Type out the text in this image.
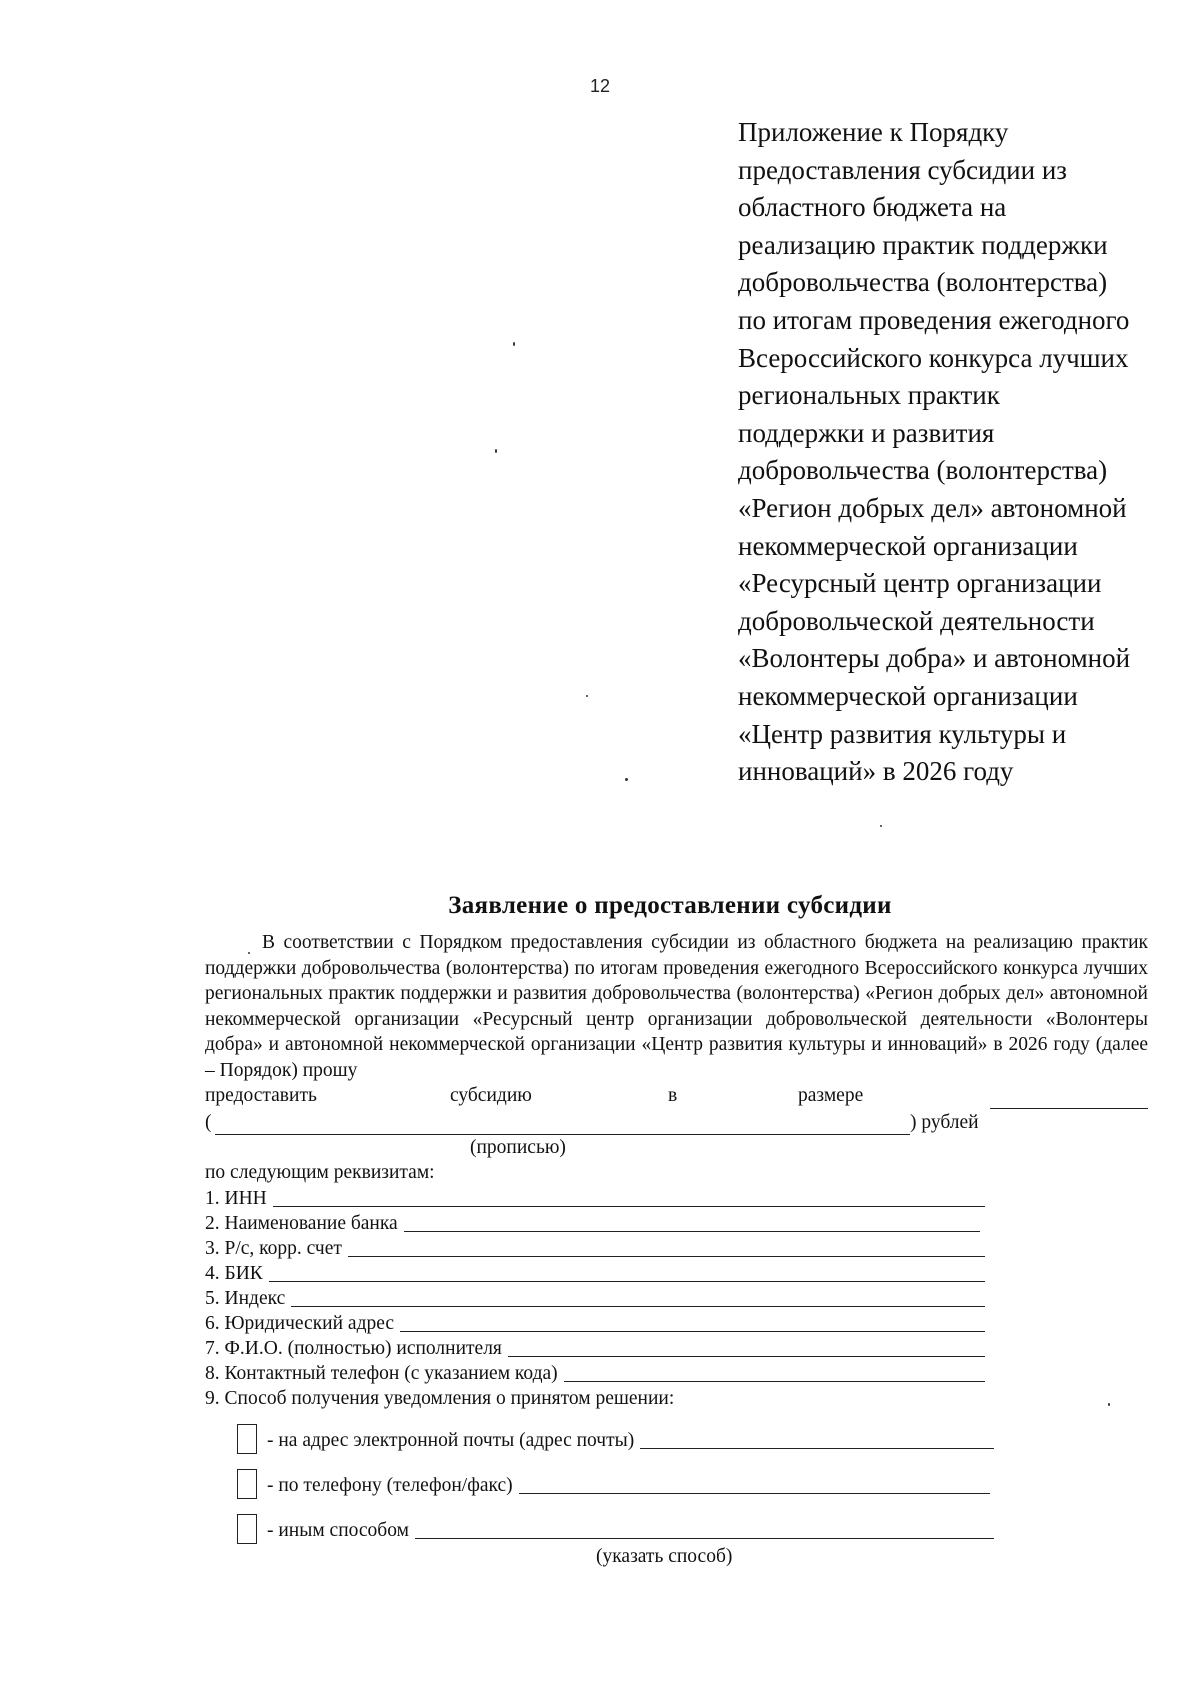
12
Приложение к Порядку
предоставления субсидии из
областного бюджета на
реализацию практик поддержки
добровольчества (волонтерства)
по итогам проведения ежегодного
Всероссийского конкурса лучших
региональных практик
поддержки и развития
добровольчества (волонтерства)
«Регион добрых дел» автономной
некоммерческой организации
«Ресурсный центр организации
добровольческой деятельности
«Волонтеры добра» и автономной
некоммерческой организации
«Центр развития культуры и
инноваций» в 2026 году
Заявление о предоставлении субсидии
В соответствии с Порядком предоставления субсидии из областного бюджета на реализацию практик поддержки добровольчества (волонтерства) по итогам проведения ежегодного Всероссийского конкурса лучших региональных практик поддержки и развития добровольчества (волонтерства) «Регион добрых дел» автономной некоммерческой организации «Ресурсный центр организации добровольческой деятельности «Волонтеры добра» и автономной некоммерческой организации «Центр развития культуры и инноваций» в 2026 году (далее – Порядок) прошу
предоставить	субсидию	в	размере
(	) рублей
(прописью)
по следующим реквизитам:
1. ИНН
2. Наименование банка
3. Р/с, корр. счет
4. БИК
5. Индекс
6. Юридический адрес
7. Ф.И.О. (полностью) исполнителя
8. Контактный телефон (с указанием кода)
9. Способ получения уведомления о принятом решении:
- на адрес электронной почты (адрес почты)
- по телефону (телефон/факс)
- иным способом
(указать способ)
